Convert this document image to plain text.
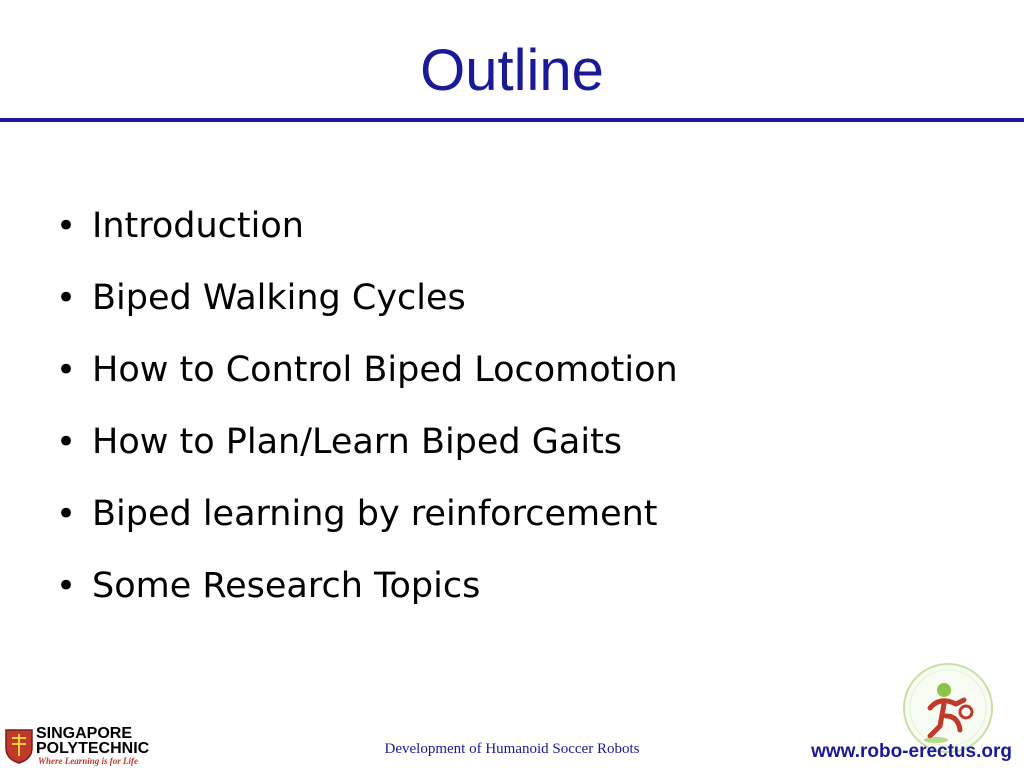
Outline
• Introduction
• Biped Walking Cycles
• How to Control Biped Locomotion
• How to Plan/Learn Biped Gaits
• Biped learning by reinforcement
• Some Research Topics
SINGAPORE
POLYTECHNIC
Where Learning is for Life
Development of Humanoid Soccer Robots	www.robo-erectus.org
